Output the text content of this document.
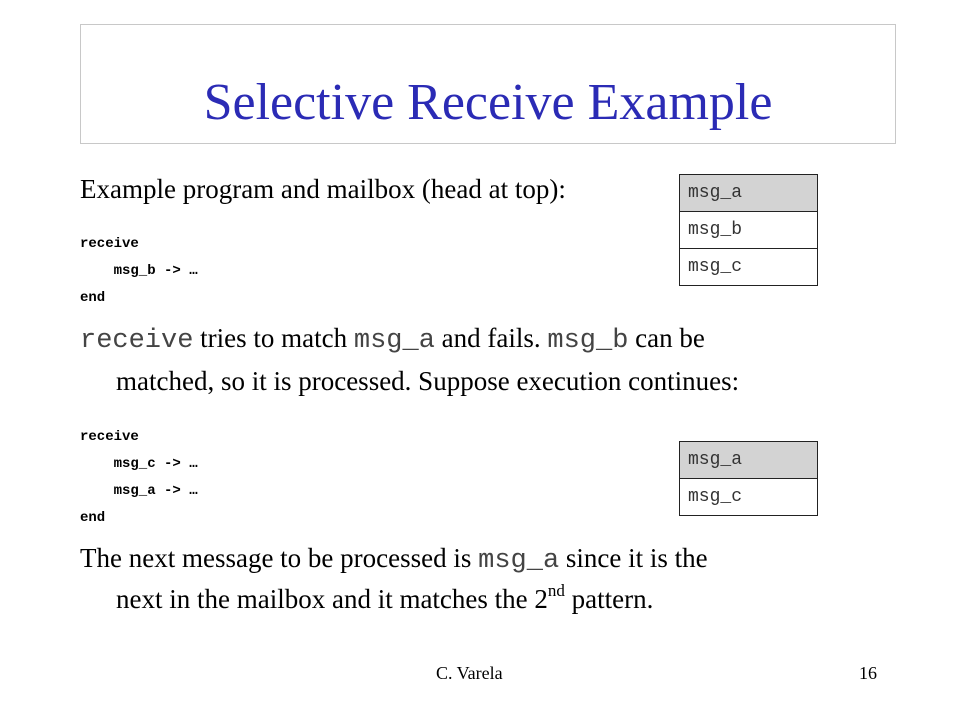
Selective Receive Example
Example program and mailbox (head at top):
receive
msg_b -> …
end
msg_a
msg_b
msg_c
receive tries to match msg_a and fails. msg_b can be
matched, so it is processed. Suppose execution continues:
receive
msg_c -> …
msg_a -> …
end
msg_a
msg_c
The next message to be processed is msg_a since it is the
next in the mailbox and it matches the 2nd pattern.
C. Varela	16
